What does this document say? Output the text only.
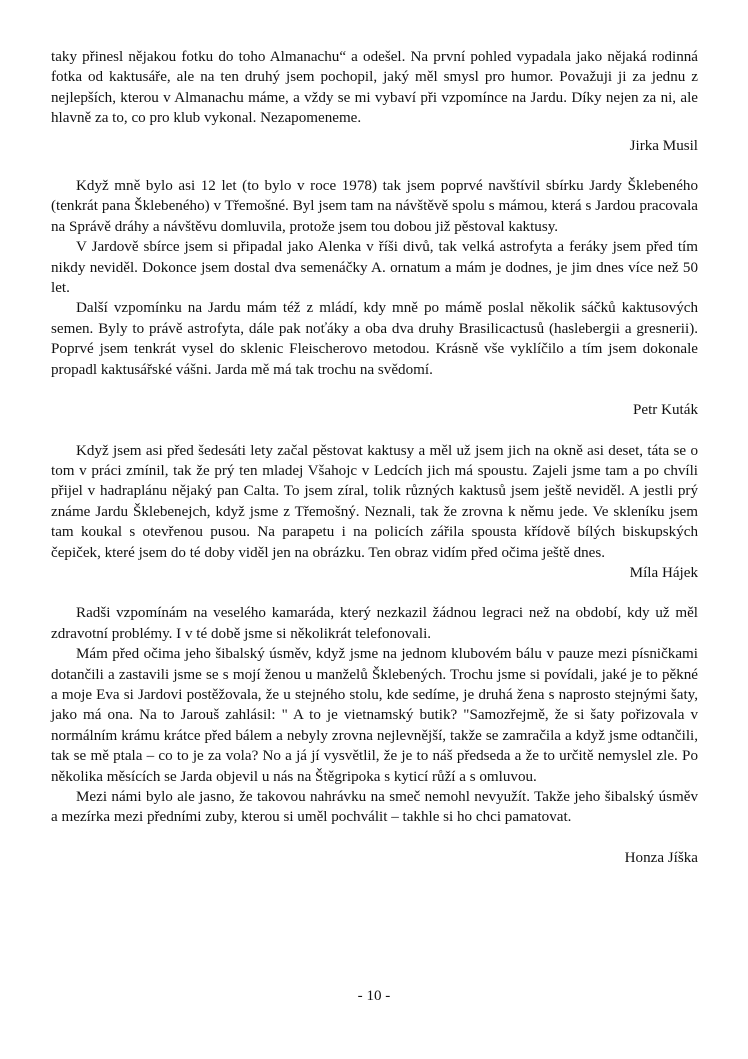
taky přinesl nějakou fotku do toho Almanachu“ a odešel. Na první pohled vypadala jako nějaká rodinná fotka od kaktusáře, ale na ten druhý jsem pochopil, jaký měl smysl pro humor. Považuji ji za jednu z nejlepších, kterou v Almanachu máme, a vždy se mi vybaví při vzpomínce na Jardu. Díky nejen za ni, ale hlavně za to, co pro klub vykonal. Nezapomeneme.

Jirka Musil

Když mně bylo asi 12 let (to bylo v roce 1978) tak jsem poprvé navštívil sbírku Jardy Šklebeného (tenkrát pana Šklebeného) v Třemošné. Byl jsem tam na návštěvě spolu s mámou, která s Jardou pracovala na Správě dráhy a návštěvu domluvila, protože jsem tou dobou již pěstoval kaktusy.

V Jardově sbírce jsem si připadal jako Alenka v říši divů, tak velká astrofyta a feráky jsem před tím nikdy neviděl. Dokonce jsem dostal dva semenáčky A. ornatum a mám je dodnes, je jim dnes více než 50 let.

Další vzpomínku na Jardu mám též z mládí, kdy mně po mámě poslal několik sáčků kaktusových semen. Byly to právě astrofyta, dále pak noťáky a oba dva druhy Brasilicactusů (haslebergii a gresnerii). Poprvé jsem tenkrát vysel do sklenic Fleischerovo metodou. Krásně vše vyklíčilo a tím jsem dokonale propadl kaktusářské vášni. Jarda mě má tak trochu na svědomí.

Petr Kuták

Když jsem asi před šedesáti lety začal pěstovat kaktusy a měl už jsem jich na okně asi deset, táta se o tom v práci zmínil, tak že prý ten mladej Všahojc v Ledcích jich má spoustu. Zajeli jsme tam a po chvíli přijel v hadraplánu nějaký pan Calta. To jsem zíral, tolik různých kaktusů jsem ještě neviděl. A jestli prý známe Jardu Šklebenejch, když jsme z Třemošný. Neznali, tak že zrovna k němu jede. Ve skleníku jsem tam koukal s otevřenou pusou. Na parapetu i na policích zářila spousta křídově bílých biskupských čepiček, které jsem do té doby viděl jen na obrázku. Ten obraz vidím před očima ještě dnes.

Míla Hájek

Radši vzpomínám na veselého kamaráda, který nezkazil žádnou legraci než na období, kdy už měl zdravotní problémy. I v té době jsme si několikrát telefonovali.

Mám před očima jeho šibalský úsměv, když jsme na jednom klubovém bálu v pauze mezi písničkami dotančili a zastavili jsme se s mojí ženou u manželů Šklebených. Trochu jsme si povídali, jaké je to pěkné a moje Eva si Jardovi postěžovala, že u stejného stolu, kde sedíme, je druhá žena s naprosto stejnými šaty, jako má ona. Na to Jarouš zahlásil: " A to je vietnamský butik? "Samozřejmě, že si šaty pořizovala v normálním krámu krátce před bálem a nebyly zrovna nejlevnější, takže se zamračila a když jsme odtančili, tak se mě ptala – co to je za vola? No a já jí vysvětlil, že je to náš předseda a že to určitě nemyslel zle. Po několika měsících se Jarda objevil u nás na Štěgripoka s kyticí růží a s omluvou.

Mezi námi bylo ale jasno, že takovou nahrávku na smeč nemohl nevyužít. Takže jeho šibalský úsměv a mezírka mezi předními zuby, kterou si uměl pochválit – takhle si ho chci pamatovat.

Honza Jíška

- 10 -
